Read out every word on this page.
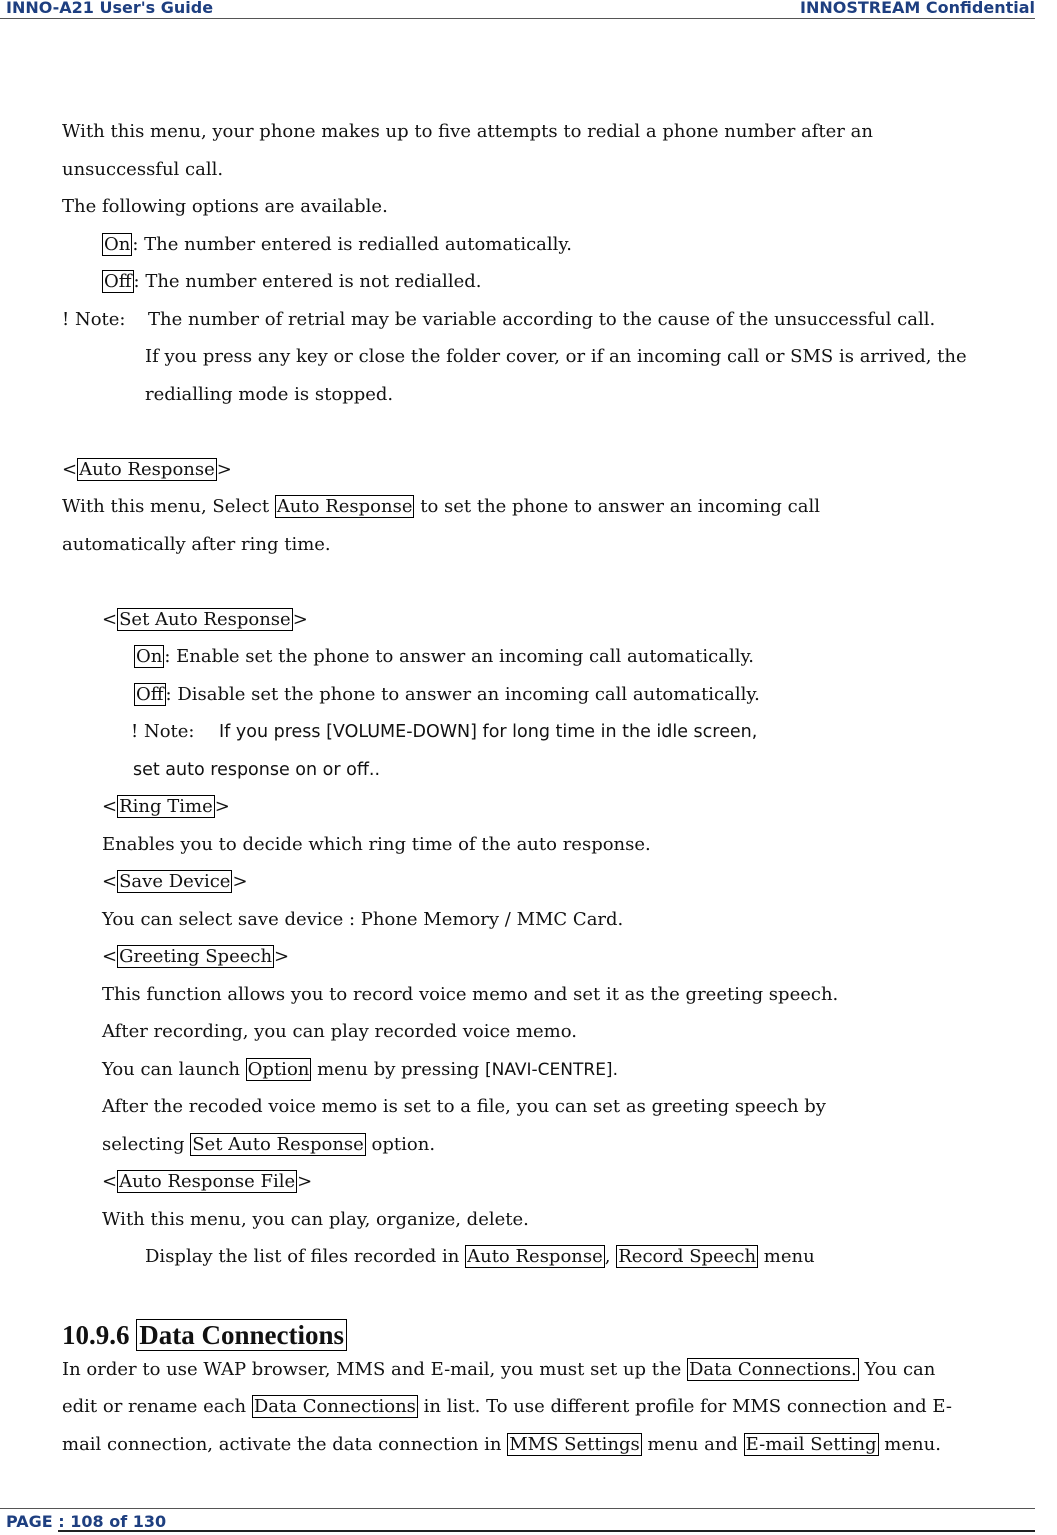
INNO-A21 User's Guide	INNOSTREAM Confidential
With this menu, your phone makes up to five attempts to redial a phone number after an
unsuccessful call.
The following options are available.
On : The number entered is redialled automatically.
Off : The number entered is not redialled.
! Note: The number of retrial may be variable according to the cause of the unsuccessful call.
If you press any key or close the folder cover, or if an incoming call or SMS is arrived, the
redialling mode is stopped.
< Auto Response >
With this menu, Select Auto Response to set the phone to answer an incoming call
automatically after ring time.
< Set Auto Response >
On : Enable set the phone to answer an incoming call automatically.
Off : Disable set the phone to answer an incoming call automatically.
! Note: If you press [VOLUME-DOWN] for long time in the idle screen,
set auto response on or off..
< Ring Time >
Enables you to decide which ring time of the auto response.
< Save Device >
You can select save device : Phone Memory / MMC Card.
< Greeting Speech >
This function allows you to record voice memo and set it as the greeting speech.
After recording, you can play recorded voice memo.
You can launch Option menu by pressing [NAVI-CENTRE].
After the recoded voice memo is set to a file, you can set as greeting speech by
selecting Set Auto Response option.
< Auto Response File >
With this menu, you can play, organize, delete.
Display the list of files recorded in Auto Response , Record Speech menu
10.9.6 Data Connections
In order to use WAP browser, MMS and E-mail, you must set up the Data Connections. You can
edit or rename each Data Connections in list. To use different profile for MMS connection and E-
mail connection, activate the data connection in MMS Settings menu and E-mail Setting menu.
PAGE : 108 of 130
